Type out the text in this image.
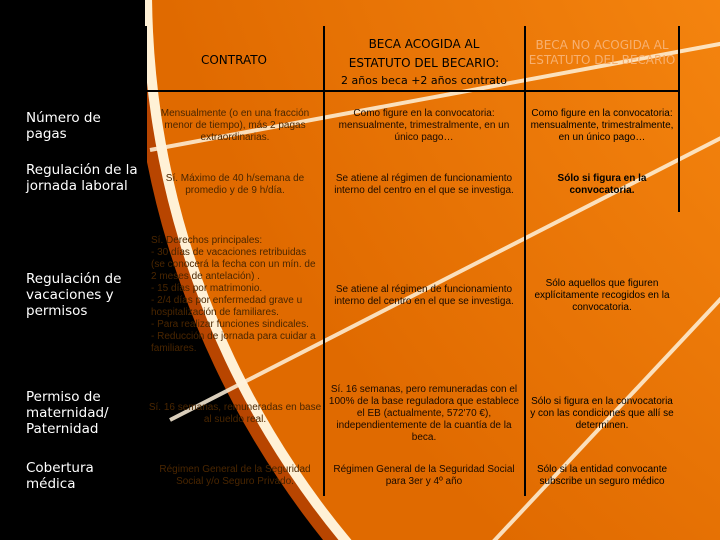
CONTRATO
BECA ACOGIDA AL
ESTATUTO DEL BECARIO:
2 años beca +2 años contrato
BECA NO ACOGIDA AL ESTATUTO DEL BECARIO
Número de pagas
Regulación de la jornada laboral
Regulación de vacaciones y permisos
Permiso de maternidad/ Paternidad
Cobertura médica
Mensualmente (o en una fracción menor de tiempo), más 2 pagas extraordinarias.
Como figure en la convocatoria: mensualmente, trimestralmente, en un único pago…
Como figure en la convocatoria: mensualmente, trimestralmente, en un único pago…
Sí. Máximo de 40 h/semana de promedio y de 9 h/día.
Se atiene al régimen de funcionamiento interno del centro en el que se investiga.
Sólo si figura en la convocatoria.
Sí. Derechos principales:
- 30 días de vacaciones retribuidas (se conocerá la fecha con un mín. de 2 meses de antelación) .
- 15 días por matrimonio.
- 2/4 días por enfermedad grave u hospitalización de familiares.
- Para realizar funciones sindicales.
- Reducción de jornada para cuidar a familiares.
Se atiene al régimen de funcionamiento interno del centro en el que se investiga.
Sólo aquellos que figuren explícitamente recogidos en la convocatoria.
Sí. 16 semanas, remuneradas en base al sueldo real.
Sí. 16 semanas, pero remuneradas con el 100% de la base reguladora que establece el EB (actualmente, 572'70 €), independientemente de la cuantía de la beca.
Sólo si figura en la convocatoria y con las condiciones que allí se determinen.
Régimen General de la Seguridad Social y/o Seguro Privado.
Régimen General de la Seguridad Social para 3er y 4º año
Sólo si la entidad convocante subscribe un seguro médico
